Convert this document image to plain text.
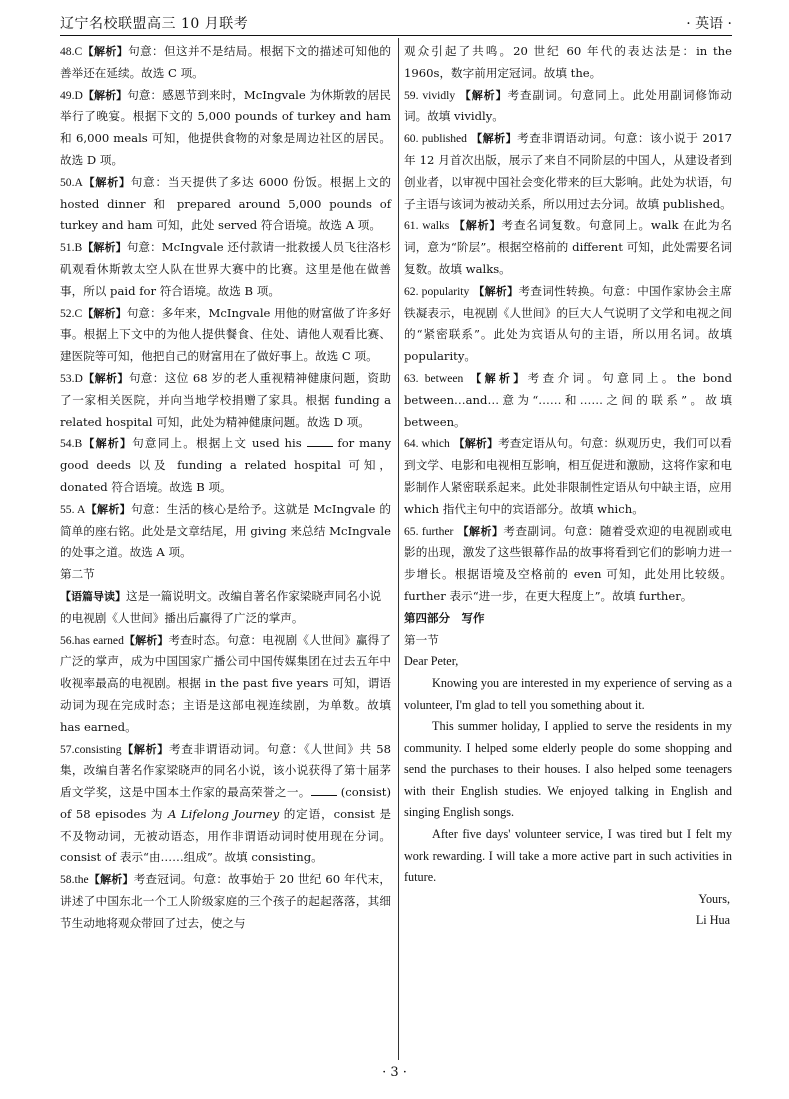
辽宁名校联盟高三 10 月联考	· 英语 ·

48.C【解析】句意：但这并不是结局。根据下文的描述可知他的善举还在延续。故选 C 项。

49.D【解析】句意：感恩节到来时，McIngvale 为休斯敦的居民举行了晚宴。根据下文的 5,000 pounds of turkey and ham 和 6,000 meals 可知，他提供食物的对象是周边社区的居民。故选 D 项。

50.A【解析】句意：当天提供了多达 6000 份饭。根据上文的 hosted dinner 和 prepared around 5,000 pounds of turkey and ham 可知，此处 served 符合语境。故选 A 项。

51.B【解析】句意：McIngvale 还付款请一批救援人员飞往洛杉矶观看休斯敦太空人队在世界大赛中的比赛。这里是他在做善事，所以 paid for 符合语境。故选 B 项。

52.C【解析】句意：多年来，McIngvale 用他的财富做了许多好事。根据上下文中的为他人提供餐食、住处、请他人观看比赛、建医院等可知，他把自己的财富用在了做好事上。故选 C 项。

53.D【解析】句意：这位 68 岁的老人重视精神健康问题，资助了一家相关医院，并向当地学校捐赠了家具。根据 funding a related hospital 可知，此处为精神健康问题。故选 D 项。

54.B【解析】句意同上。根据上文 used his  for many good deeds 以及 funding a related hospital 可知，donated 符合语境。故选 B 项。

55. A【解析】句意：生活的核心是给予。这就是 McIngvale 的简单的座右铭。此处是文章结尾，用 giving 来总结 McIngvale 的处事之道。故选 A 项。

第二节

【语篇导读】这是一篇说明文。改编自著名作家梁晓声同名小说的电视剧《人世间》播出后赢得了广泛的掌声。

56.has earned【解析】考查时态。句意：电视剧《人世间》赢得了广泛的掌声，成为中国国家广播公司中国传媒集团在过去五年中收视率最高的电视剧。根据 in the past five years 可知，谓语动词为现在完成时态；主语是这部电视连续剧，为单数。故填 has earned。

57.consisting【解析】考查非谓语动词。句意：《人世间》共 58 集，改编自著名作家梁晓声的同名小说，该小说获得了第十届茅盾文学奖，这是中国本土作家的最高荣誉之一。 (consist) of 58 episodes 为 A Lifelong Journey 的定语，consist 是不及物动词，无被动语态，用作非谓语动词时使用现在分词。consist of 表示“由……组成”。故填 consisting。

58.the【解析】考查冠词。句意：故事始于 20 世纪 60 年代末，讲述了中国东北一个工人阶级家庭的三个孩子的起起落落，其细节生动地将观众带回了过去，使之与

观众引起了共鸣。20 世纪 60 年代的表达法是：in the 1960s，数字前用定冠词。故填 the。

59. vividly 【解析】考查副词。句意同上。此处用副词修饰动词。故填 vividly。

60. published 【解析】考查非谓语动词。句意：该小说于 2017 年 12 月首次出版，展示了来自不同阶层的中国人，从建设者到创业者，以审视中国社会变化带来的巨大影响。此处为状语，句子主语与该词为被动关系，所以用过去分词。故填 published。

61. walks 【解析】考查名词复数。句意同上。walk 在此为名词，意为“阶层”。根据空格前的 different 可知，此处需要名词复数。故填 walks。

62. popularity 【解析】考查词性转换。句意：中国作家协会主席铁凝表示，电视剧《人世间》的巨大人气说明了文学和电视之间的“紧密联系”。此处为宾语从句的主语，所以用名词。故填 popularity。

63. between 【解析】考查介词。句意同上。the bond between…and…意为“……和……之间的联系”。故填 between。

64. which 【解析】考查定语从句。句意：纵观历史，我们可以看到文学、电影和电视相互影响，相互促进和激励，这将作家和电影制作人紧密联系起来。此处非限制性定语从句中缺主语，应用 which 指代主句中的宾语部分。故填 which。

65. further 【解析】考查副词。句意：随着受欢迎的电视剧或电影的出现，激发了这些银幕作品的故事将看到它们的影响力进一步增长。根据语境及空格前的 even 可知，此处用比较级。further 表示“进一步，在更大程度上”。故填 further。

第四部分　写作

第一节

Dear Peter,

Knowing you are interested in my experience of serving as a volunteer, I'm glad to tell you something about it.

This summer holiday, I applied to serve the residents in my community. I helped some elderly people do some shopping and send the purchases to their houses. I also helped some teenagers with their English studies. We enjoyed talking in English and singing English songs.

After five days' volunteer service, I was tired but I felt my work rewarding. I will take a more active part in such activities in future.

Yours,

Li Hua

· 3 ·
